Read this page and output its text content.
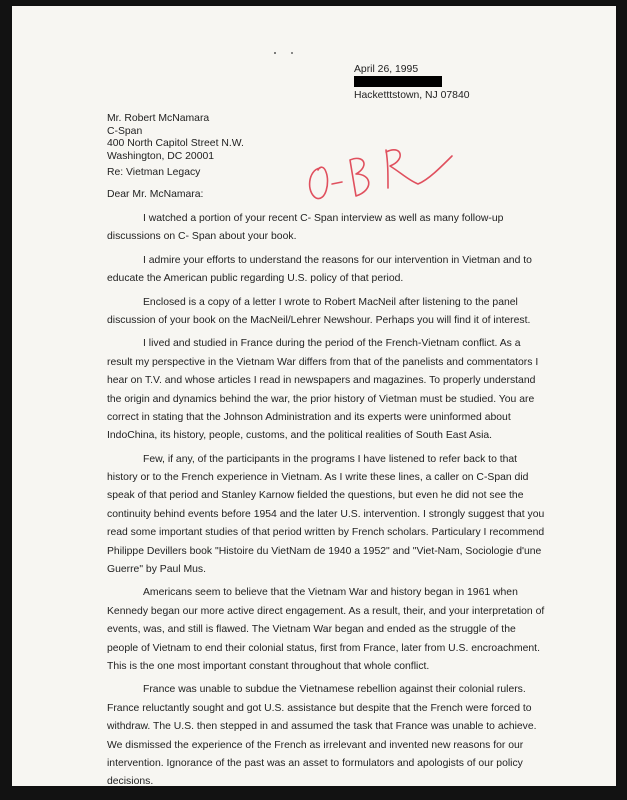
April 26, 1995
Hacketttstown, NJ 07840
Mr. Robert McNamara
C-Span
400 North Capitol Street N.W.
Washington, DC 20001
Re: Vietman Legacy
Dear Mr. McNamara:
I watched a portion of your recent C- Span interview as well as many follow-up
discussions on C- Span about your book.
I admire your efforts to understand the reasons for our intervention in Vietman and to
educate the American public regarding U.S. policy of that period.
Enclosed is a copy of a letter I wrote to Robert MacNeil after listening to the panel
discussion of your book on the MacNeil/Lehrer Newshour. Perhaps you will find it of interest.
I lived and studied in France during the period of the French-Vietnam conflict. As a
result my perspective in the Vietnam War differs from that of the panelists and commentators I
hear on T.V. and whose articles I read in newspapers and magazines. To properly understand
the origin and dynamics behind the war, the prior history of Vietman must be studied. You are
correct in stating that the Johnson Administration and its experts were uninformed about
IndoChina, its history, people, customs, and the political realities of South East Asia.
Few, if any, of the participants in the programs I have listened to refer back to that
history or to the French experience in Vietnam. As I write these lines, a caller on C-Span did
speak of that period and Stanley Karnow fielded the questions, but even he did not see the
continuity behind events before 1954 and the later U.S. intervention. I strongly suggest that you
read some important studies of that period written by French scholars. Particulary I recommend
Philippe Devillers book "Histoire du VietNam de 1940 a 1952" and "Viet-Nam, Sociologie d'une
Guerre" by Paul Mus.
Americans seem to believe that the Vietnam War and history began in 1961 when
Kennedy began our more active direct engagement. As a result, their, and your interpretation of
events, was, and still is flawed. The Vietnam War began and ended as the struggle of the
people of Vietnam to end their colonial status, first from France, later from U.S. encroachment.
This is the one most important constant throughout that whole conflict.
France was unable to subdue the Vietnamese rebellion against their colonial rulers.
France reluctantly sought and got U.S. assistance but despite that the French were forced to
withdraw. The U.S. then stepped in and assumed the task that France was unable to achieve.
We dismissed the experience of the French as irrelevant and invented new reasons for our
intervention. Ignorance of the past was an asset to formulators and apologists of our policy
decisions.
